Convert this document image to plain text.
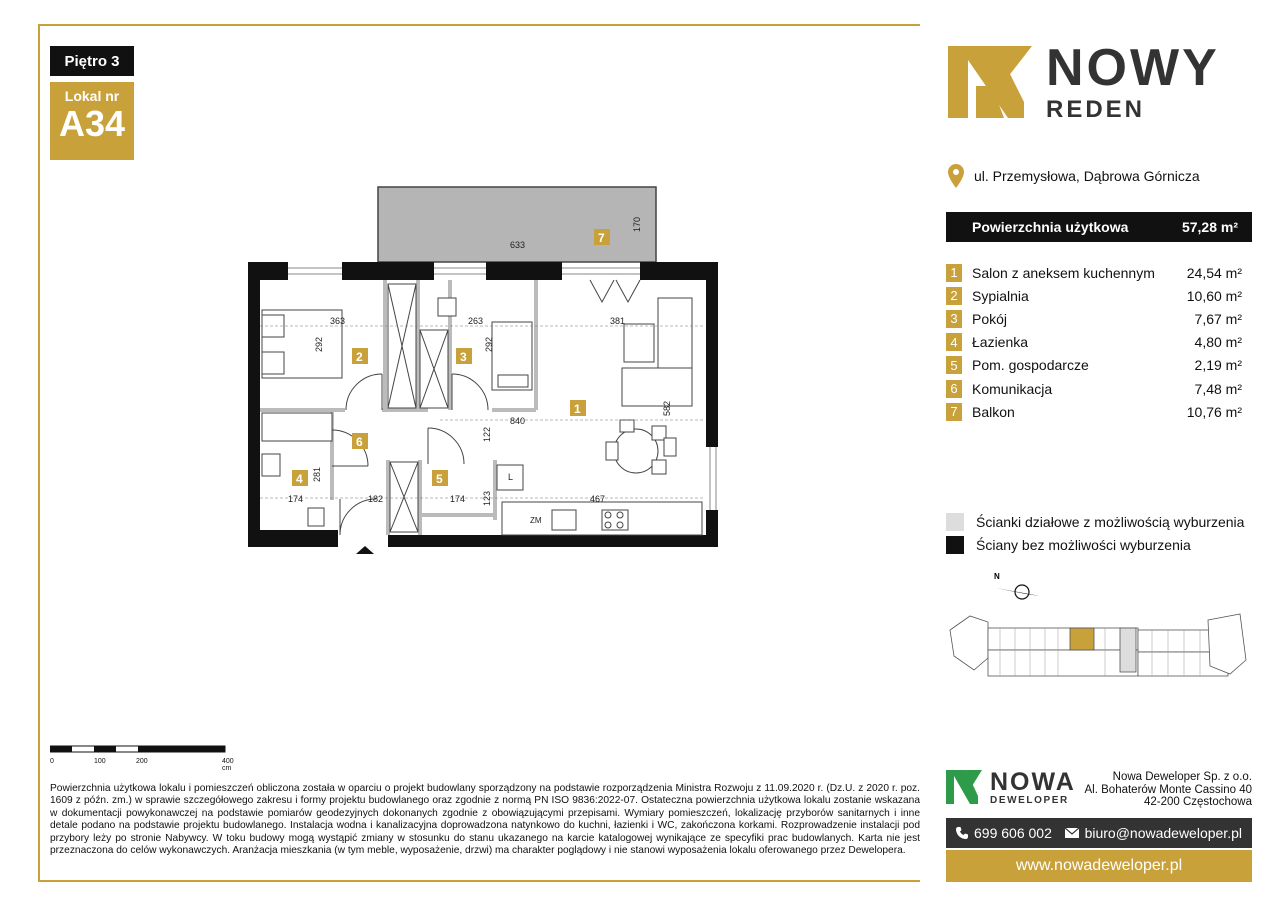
Piętro 3
Lokal nr
A34
633
170
363
292
263
292
381
840
582
122
281
174	182	174 123	467
L
ZM
7
2	3
1
6
4	5
0	100	200	400 cm
Powierzchnia użytkowa lokalu i pomieszczeń obliczona została w oparciu o projekt budowlany sporządzony na podstawie rozporządzenia Ministra Rozwoju z 11.09.2020 r. (Dz.U. z 2020 r. poz. 1609 z późn. zm.) w sprawie szczegółowego zakresu i formy projektu budowlanego oraz zgodnie z normą PN ISO 9836:2022-07. Ostateczna powierzchnia użytkowa lokalu zostanie wskazana w dokumentacji powykonawczej na podstawie pomiarów geodezyjnych dokonanych zgodnie z obowiązującymi przepisami. Wymiary pomieszczeń, lokalizację przyborów sanitarnych i inne detale podano na podstawie projektu budowlanego. Instalacja wodna i kanalizacyjna doprowadzona natynkowo do kuchni, łazienki i WC, zakończona korkami. Rozprowadzenie instalacji pod przybory leży po stronie Nabywcy. W toku budowy mogą wystąpić zmiany w stosunku do stanu ukazanego na karcie katalogowej wynikające ze specyfiki prac budowlanych. Karta nie jest przeznaczona do celów wykonawczych. Aranżacja mieszkania (w tym meble, wyposażenie, drzwi) ma charakter poglądowy i nie stanowi wyposażenia lokalu oferowanego przez Dewelopera.
NOWY
REDEN
ul. Przemysłowa, Dąbrowa Górnicza
Powierzchnia użytkowa	57,28 m²
1	Salon z aneksem kuchennym	24,54 m²
2	Sypialnia	10,60 m²
3	Pokój	7,67 m²
4	Łazienka	4,80 m²
5	Pom. gospodarcze	2,19 m²
6	Komunikacja	7,48 m²
7	Balkon	10,76 m²
Ścianki działowe z możliwością wyburzenia
Ściany bez możliwości wyburzenia
N
NOWA
DEWELOPER
Nowa Deweloper Sp. z o.o.
Al. Bohaterów Monte Cassino 40
42-200 Częstochowa
699 606 002 biuro@nowadeweloper.pl
www.nowadeweloper.pl
